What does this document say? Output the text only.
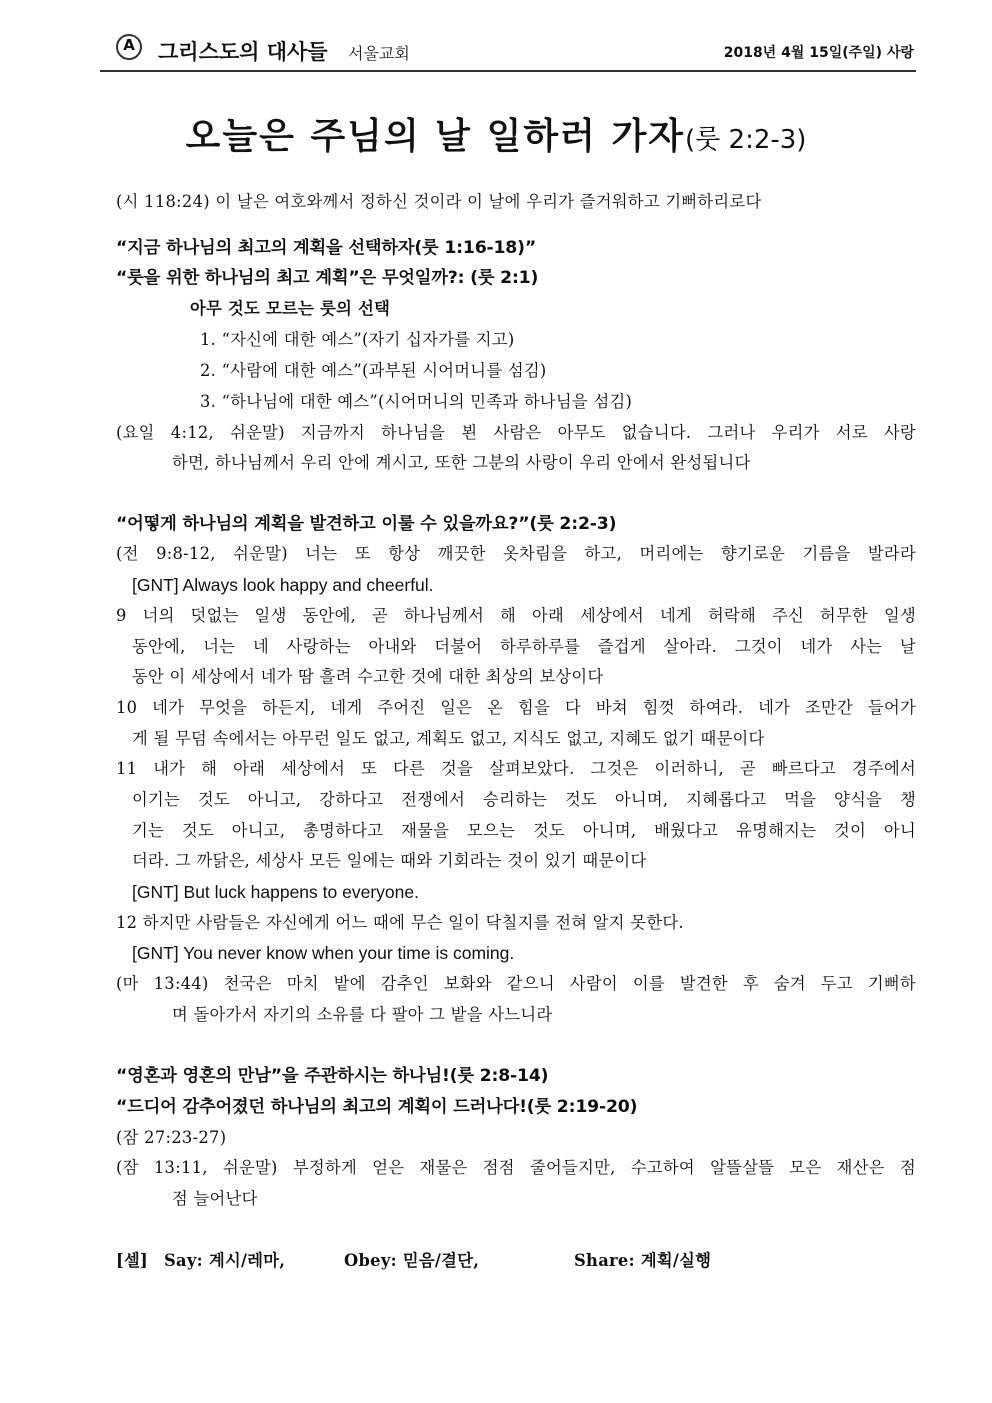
A	그리스도의 대사들 서울교회	2018년 4월 15일(주일) 사랑
오늘은 주님의 날 일하러 가자(룻 2:2-3)
(시 118:24) 이 날은 여호와께서 정하신 것이라 이 날에 우리가 즐거워하고 기뻐하리로다
“지금 하나님의 최고의 계획을 선택하자(룻 1:16-18)”
“룻을 위한 하나님의 최고 계획”은 무엇일까?: (룻 2:1)
아무 것도 모르는 룻의 선택
1. “자신에 대한 예스”(자기 십자가를 지고)
2. “사람에 대한 예스”(과부된 시어머니를 섬김)
3. “하나님에 대한 예스”(시어머니의 민족과 하나님을 섬김)
(요일 4:12, 쉬운말) 지금까지 하나님을 뵌 사람은 아무도 없습니다. 그러나 우리가 서로 사랑
하면, 하나님께서 우리 안에 계시고, 또한 그분의 사랑이 우리 안에서 완성됩니다
“어떻게 하나님의 계획을 발견하고 이룰 수 있을까요?”(룻 2:2-3)
(전 9:8-12, 쉬운말) 너는 또 항상 깨끗한 옷차림을 하고, 머리에는 향기로운 기름을 발라라
[GNT] Always look happy and cheerful.
9 너의 덧없는 일생 동안에, 곧 하나님께서 해 아래 세상에서 네게 허락해 주신 허무한 일생
동안에, 너는 네 사랑하는 아내와 더불어 하루하루를 즐겁게 살아라. 그것이 네가 사는 날
동안 이 세상에서 네가 땀 흘려 수고한 것에 대한 최상의 보상이다
10 네가 무엇을 하든지, 네게 주어진 일은 온 힘을 다 바쳐 힘껏 하여라. 네가 조만간 들어가
게 될 무덤 속에서는 아무런 일도 없고, 계획도 없고, 지식도 없고, 지혜도 없기 때문이다
11 내가 해 아래 세상에서 또 다른 것을 살펴보았다. 그것은 이러하니, 곧 빠르다고 경주에서
이기는 것도 아니고, 강하다고 전쟁에서 승리하는 것도 아니며, 지혜롭다고 먹을 양식을 챙
기는 것도 아니고, 총명하다고 재물을 모으는 것도 아니며, 배웠다고 유명해지는 것이 아니
더라. 그 까닭은, 세상사 모든 일에는 때와 기회라는 것이 있기 때문이다
[GNT] But luck happens to everyone.
12 하지만 사람들은 자신에게 어느 때에 무슨 일이 닥칠지를 전혀 알지 못한다.
[GNT] You never know when your time is coming.
(마 13:44) 천국은 마치 밭에 감추인 보화와 같으니 사람이 이를 발견한 후 숨겨 두고 기뻐하
며 돌아가서 자기의 소유를 다 팔아 그 밭을 사느니라
“영혼과 영혼의 만남”을 주관하시는 하나님!(룻 2:8-14)
“드디어 감추어졌던 하나님의 최고의 계획이 드러나다!(룻 2:19-20)
(잠 27:23-27)
(잠 13:11, 쉬운말) 부정하게 얻은 재물은 점점 줄어들지만, 수고하여 알뜰살뜰 모은 재산은 점
점 늘어난다
[셀] Say: 계시/레마,	Obey: 믿음/결단,	Share: 계획/실행
